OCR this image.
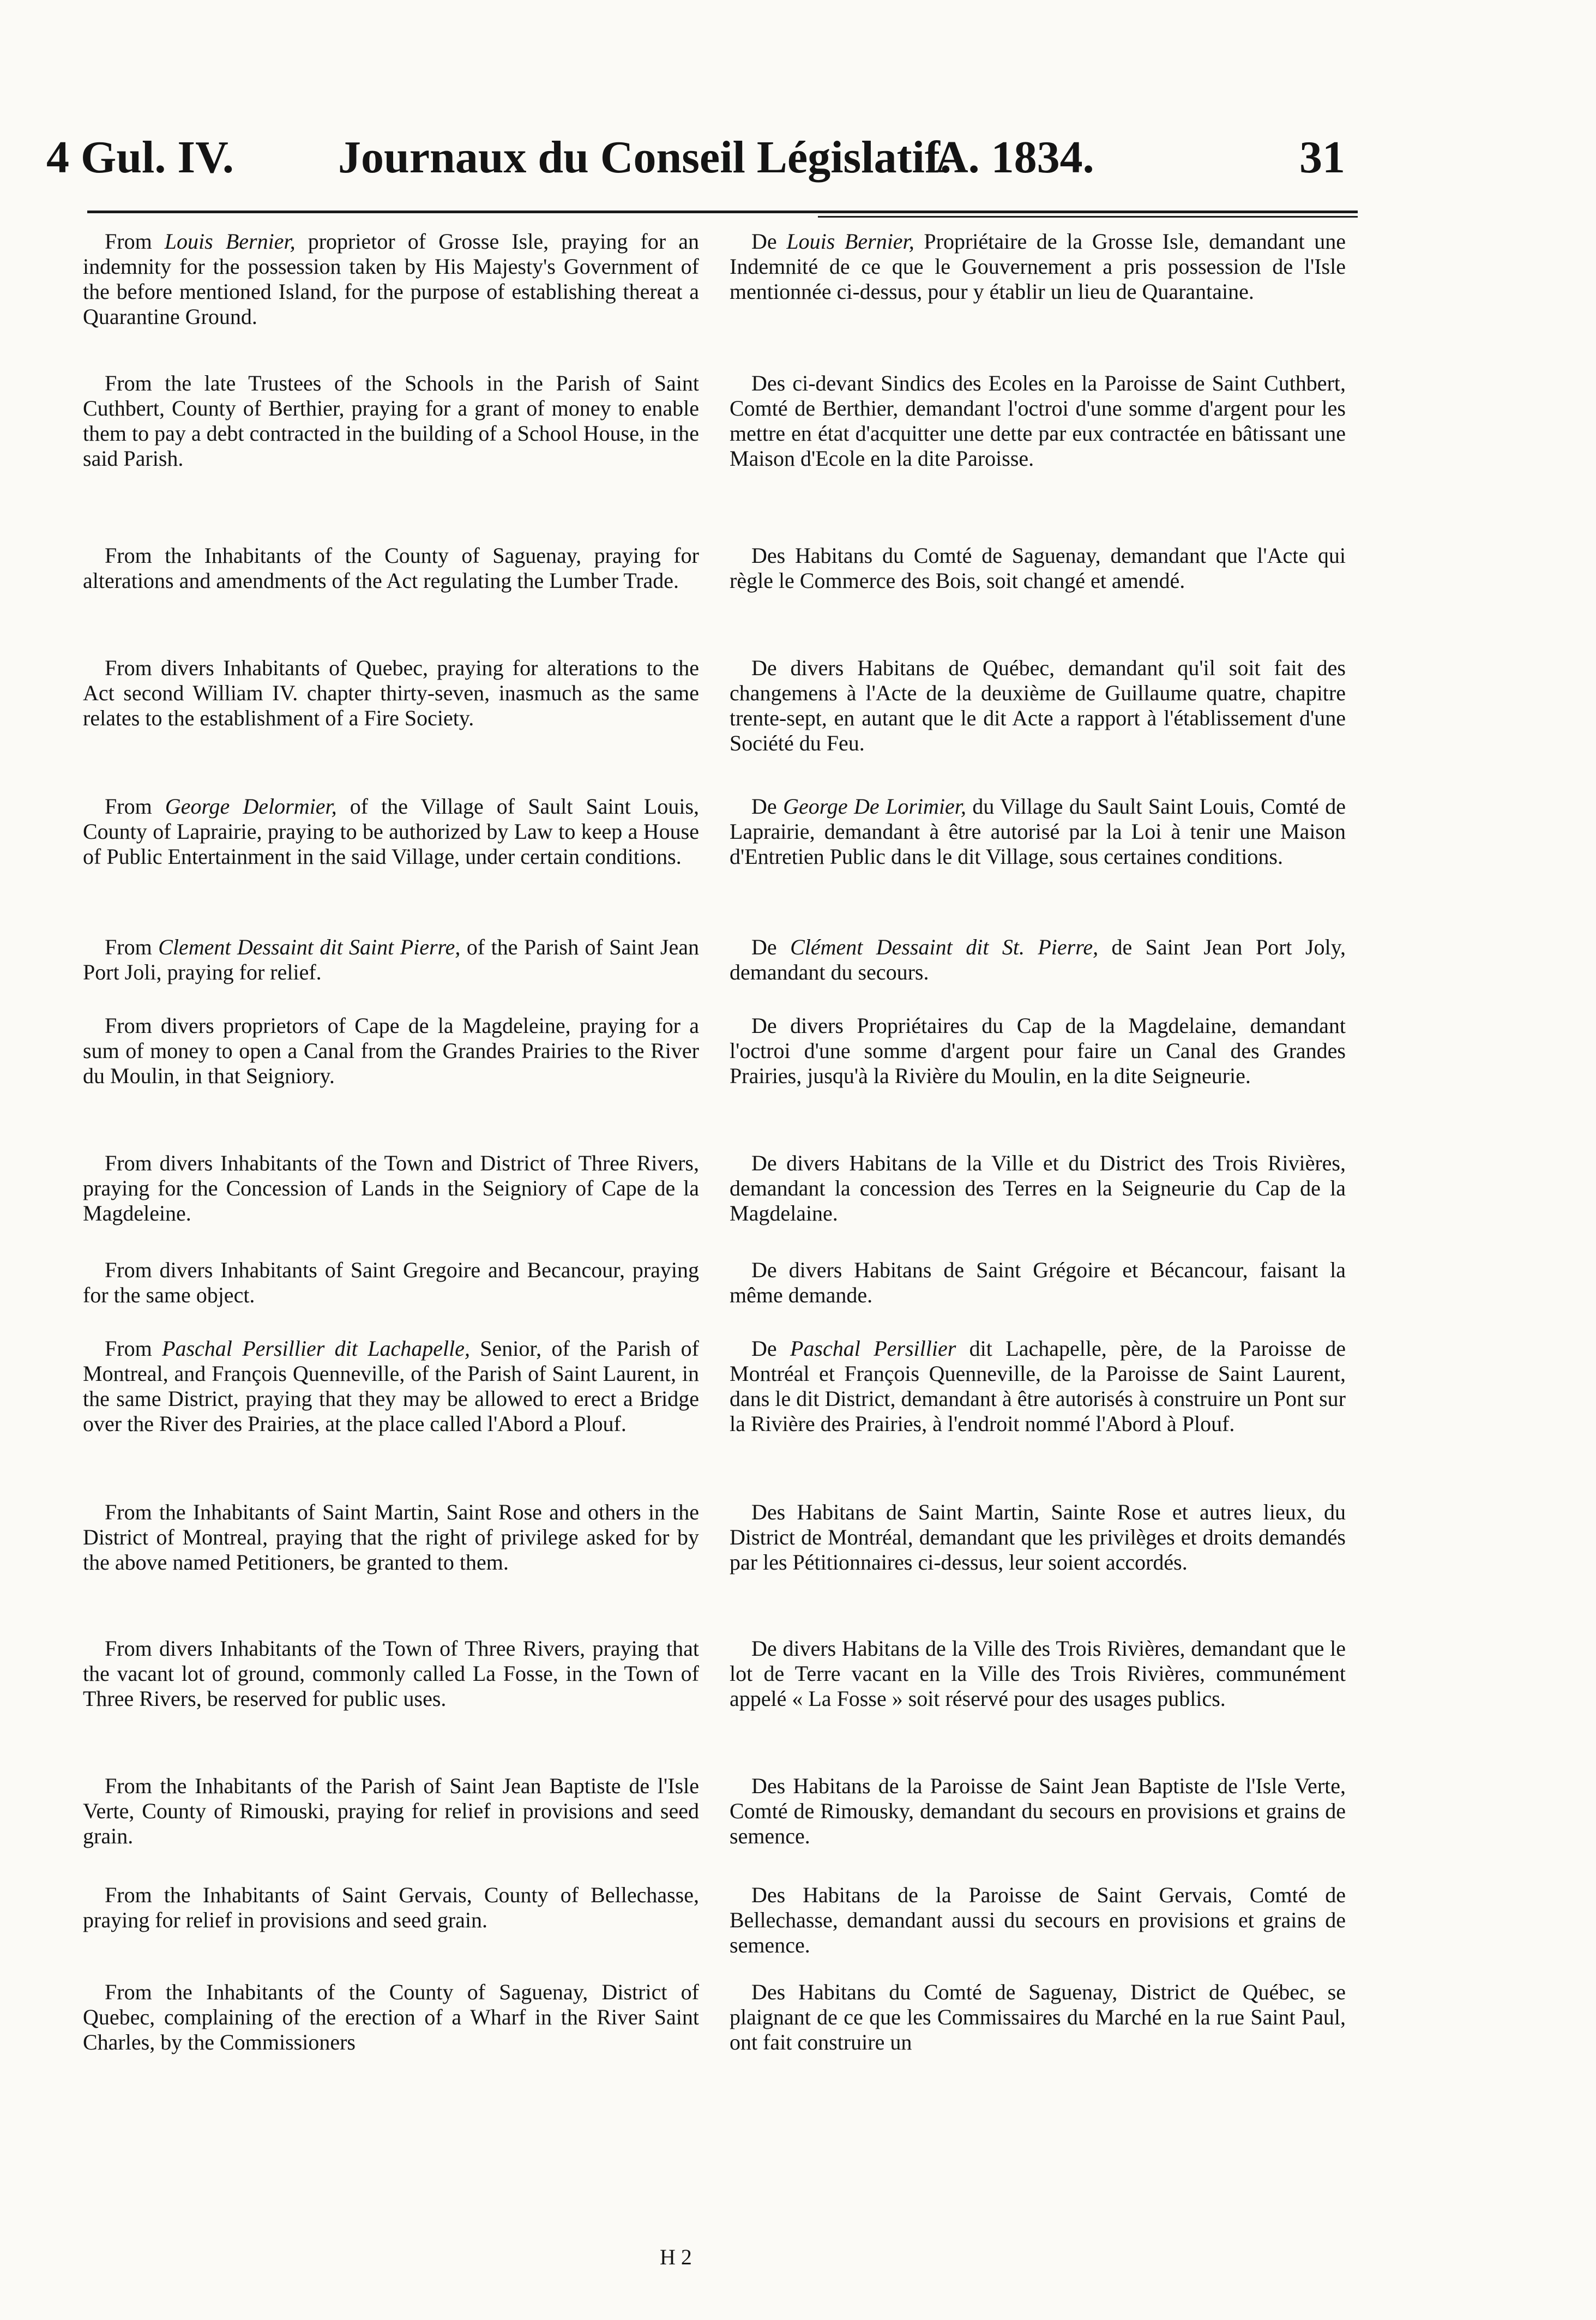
4 Gul. IV. Journaux du Conseil Législatif.
A. 1834.	31

From Louis Bernier, proprietor of Grosse Isle, praying for an indemnity for the possession taken by His Majesty's Government of the before mentioned Island, for the purpose of establishing thereat a Quarantine Ground.

From the late Trustees of the Schools in the Parish of Saint Cuthbert, County of Berthier, praying for a grant of money to enable them to pay a debt contracted in the building of a School House, in the said Parish.

From the Inhabitants of the County of Saguenay, praying for alterations and amendments of the Act regulating the Lumber Trade.

From divers Inhabitants of Quebec, praying for alterations to the Act second William IV. chapter thirty-seven, inasmuch as the same relates to the establishment of a Fire Society.

From George Delormier, of the Village of Sault Saint Louis, County of Laprairie, praying to be authorized by Law to keep a House of Public Entertainment in the said Village, under certain conditions.

From Clement Dessaint dit Saint Pierre, of the Parish of Saint Jean Port Joli, praying for relief.

From divers proprietors of Cape de la Magdeleine, praying for a sum of money to open a Canal from the Grandes Prairies to the River du Moulin, in that Seigniory.

From divers Inhabitants of the Town and District of Three Rivers, praying for the Concession of Lands in the Seigniory of Cape de la Magdeleine.

From divers Inhabitants of Saint Gregoire and Becancour, praying for the same object.

From Paschal Persillier dit Lachapelle, Senior, of the Parish of Montreal, and François Quenneville, of the Parish of Saint Laurent, in the same District, praying that they may be allowed to erect a Bridge over the River des Prairies, at the place called l'Abord a Plouf.

From the Inhabitants of Saint Martin, Saint Rose and others in the District of Montreal, praying that the right of privilege asked for by the above named Petitioners, be granted to them.

From divers Inhabitants of the Town of Three Rivers, praying that the vacant lot of ground, commonly called La Fosse, in the Town of Three Rivers, be reserved for public uses.

From the Inhabitants of the Parish of Saint Jean Baptiste de l'Isle Verte, County of Rimouski, praying for relief in provisions and seed grain.

From the Inhabitants of Saint Gervais, County of Bellechasse, praying for relief in provisions and seed grain.

From the Inhabitants of the County of Saguenay, District of Quebec, complaining of the erection of a Wharf in the River Saint Charles, by the Commissioners

De Louis Bernier, Propriétaire de la Grosse Isle, demandant une Indemnité de ce que le Gouvernement a pris possession de l'Isle mentionnée ci-dessus, pour y établir un lieu de Quarantaine.

Des ci-devant Sindics des Ecoles en la Paroisse de Saint Cuthbert, Comté de Berthier, demandant l'octroi d'une somme d'argent pour les mettre en état d'acquitter une dette par eux contractée en bâtissant une Maison d'Ecole en la dite Paroisse.

Des Habitans du Comté de Saguenay, demandant que l'Acte qui règle le Commerce des Bois, soit changé et amendé.

De divers Habitans de Québec, demandant qu'il soit fait des changemens à l'Acte de la deuxième de Guillaume quatre, chapitre trente-sept, en autant que le dit Acte a rapport à l'établissement d'une Société du Feu.

De George De Lorimier, du Village du Sault Saint Louis, Comté de Laprairie, demandant à être autorisé par la Loi à tenir une Maison d'Entretien Public dans le dit Village, sous certaines conditions.

De Clément Dessaint dit St. Pierre, de Saint Jean Port Joly, demandant du secours.

De divers Propriétaires du Cap de la Magdelaine, demandant l'octroi d'une somme d'argent pour faire un Canal des Grandes Prairies, jusqu'à la Rivière du Moulin, en la dite Seigneurie.

De divers Habitans de la Ville et du District des Trois Rivières, demandant la concession des Terres en la Seigneurie du Cap de la Magdelaine.

De divers Habitans de Saint Grégoire et Bécancour, faisant la même demande.

De Paschal Persillier dit Lachapelle, père, de la Paroisse de Montréal et François Quenneville, de la Paroisse de Saint Laurent, dans le dit District, demandant à être autorisés à construire un Pont sur la Rivière des Prairies, à l'endroit nommé l'Abord à Plouf.

Des Habitans de Saint Martin, Sainte Rose et autres lieux, du District de Montréal, demandant que les privilèges et droits demandés par les Pétitionnaires ci-dessus, leur soient accordés.

De divers Habitans de la Ville des Trois Rivières, demandant que le lot de Terre vacant en la Ville des Trois Rivières, communément appelé « La Fosse » soit réservé pour des usages publics.

Des Habitans de la Paroisse de Saint Jean Baptiste de l'Isle Verte, Comté de Rimousky, demandant du secours en provisions et grains de semence.

Des Habitans de la Paroisse de Saint Gervais, Comté de Bellechasse, demandant aussi du secours en provisions et grains de semence.

Des Habitans du Comté de Saguenay, District de Québec, se plaignant de ce que les Commissaires du Marché en la rue Saint Paul, ont fait construire un

H 2
